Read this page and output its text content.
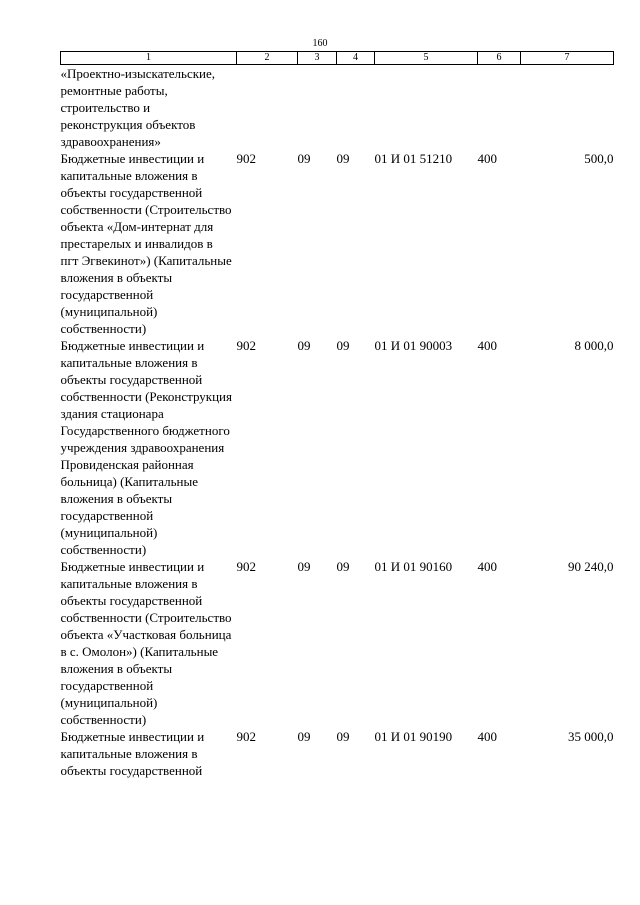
160
1	2	3	4	5	6	7
«Проектно-изыскательские, ремонтные работы, строительство и реконструкция объектов здравоохранения»						
Бюджетные инвестиции и капитальные вложения в объекты государственной собственности (Строительство объекта «Дом-интернат для престарелых и инвалидов в пгт Эгвекинот») (Капитальные вложения в объекты государственной (муниципальной) собственности)	902	09	09	01 И 01 51210	400	500,0
Бюджетные инвестиции и капитальные вложения в объекты государственной собственности (Реконструкция здания стационара Государственного бюджетного учреждения здравоохранения Провиденская районная больница) (Капитальные вложения в объекты государственной (муниципальной) собственности)	902	09	09	01 И 01 90003	400	8 000,0
Бюджетные инвестиции и капитальные вложения в объекты государственной собственности (Строительство объекта «Участковая больница в с. Омолон») (Капитальные вложения в объекты государственной (муниципальной) собственности)	902	09	09	01 И 01 90160	400	90 240,0
Бюджетные инвестиции и капитальные вложения в объекты государственной	902	09	09	01 И 01 90190	400	35 000,0
